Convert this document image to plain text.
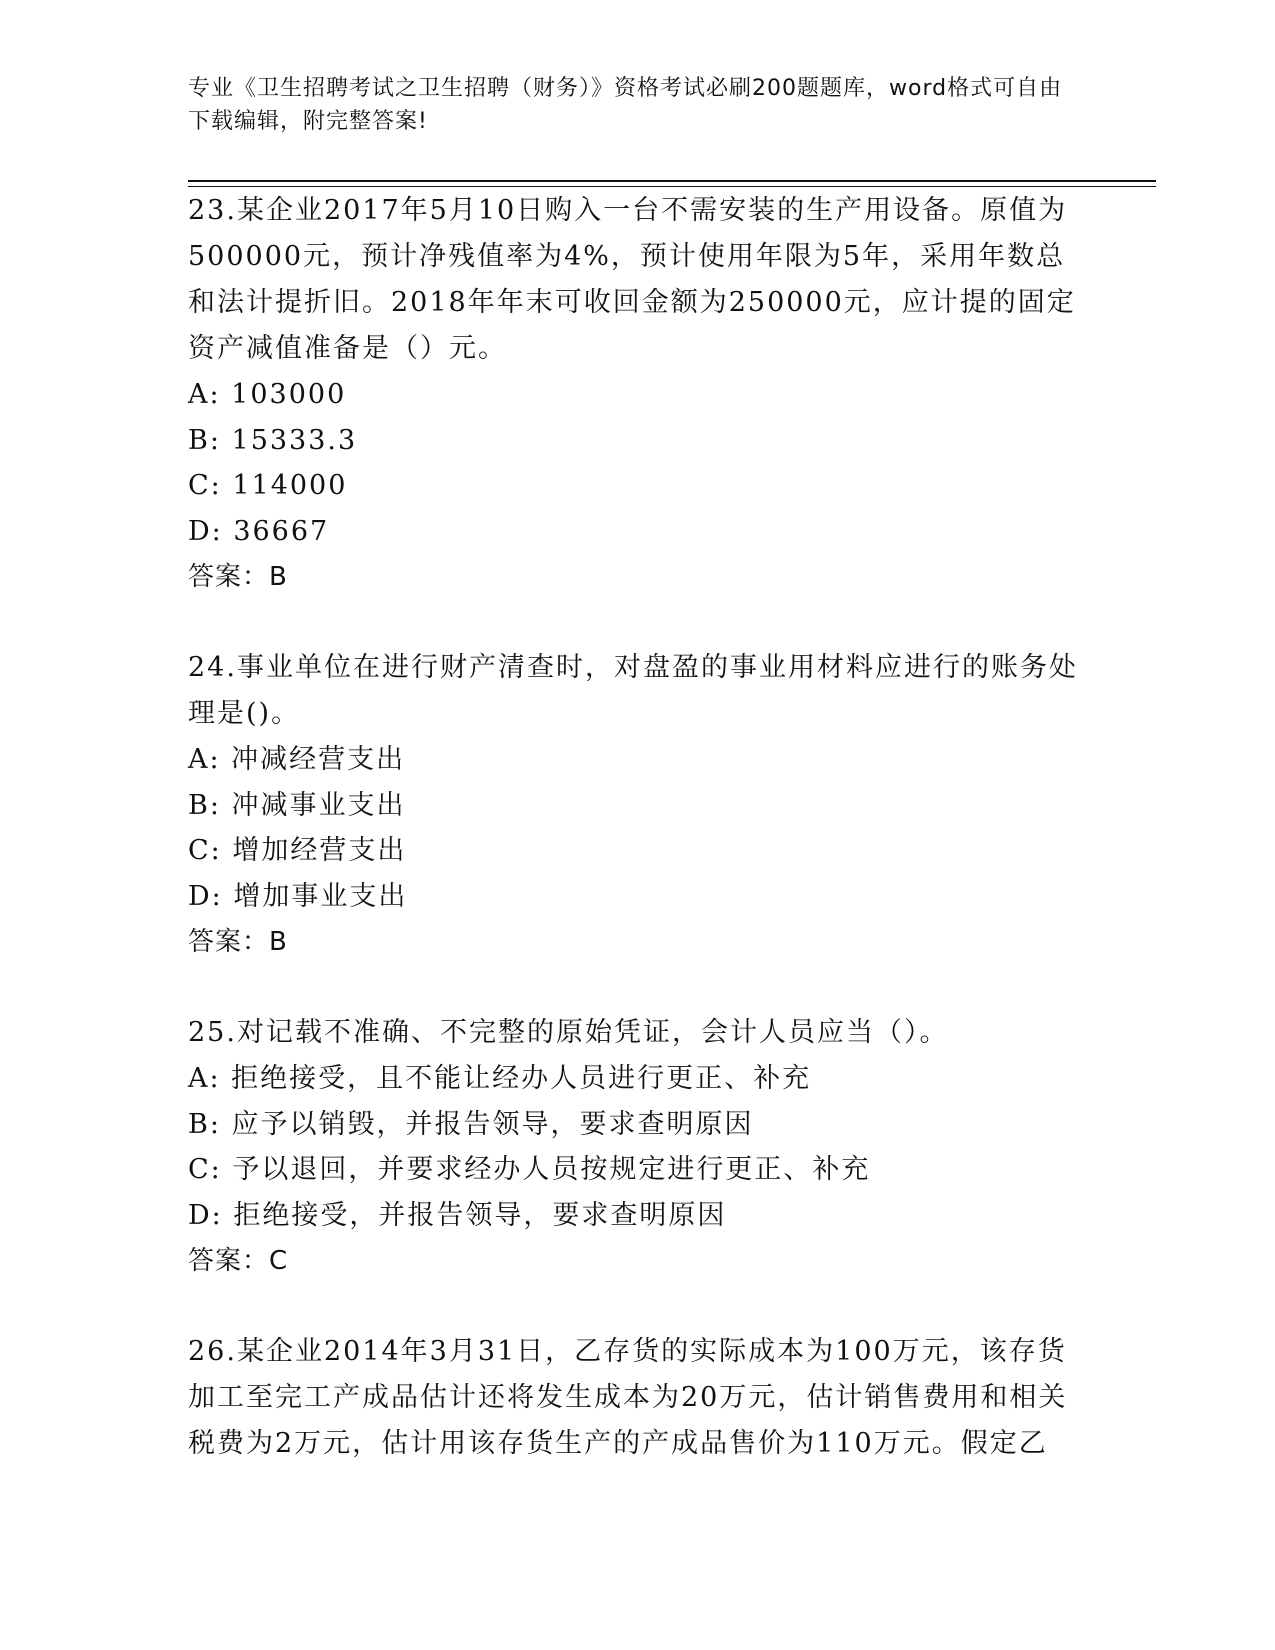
专业《卫生招聘考试之卫生招聘（财务）》资格考试必刷200题题库，word格式可自由下载编辑，附完整答案!

23.某企业2017年5月10日购入一台不需安装的生产用设备。原值为500000元，预计净残值率为4%，预计使用年限为5年，采用年数总和法计提折旧。2018年年末可收回金额为250000元，应计提的固定资产减值准备是（）元。

A: 103000
B: 15333.3
C: 114000
D: 36667
答案：B

24.事业单位在进行财产清查时，对盘盈的事业用材料应进行的账务处理是()。

A: 冲减经营支出
B: 冲减事业支出
C: 增加经营支出
D: 增加事业支出
答案：B

25.对记载不准确、不完整的原始凭证，会计人员应当（）。

A: 拒绝接受，且不能让经办人员进行更正、补充
B: 应予以销毁，并报告领导，要求查明原因
C: 予以退回，并要求经办人员按规定进行更正、补充
D: 拒绝接受，并报告领导，要求查明原因
答案：C

26.某企业2014年3月31日，乙存货的实际成本为100万元，该存货加工至完工产成品估计还将发生成本为20万元，估计销售费用和相关税费为2万元，估计用该存货生产的产成品售价为110万元。假定乙
